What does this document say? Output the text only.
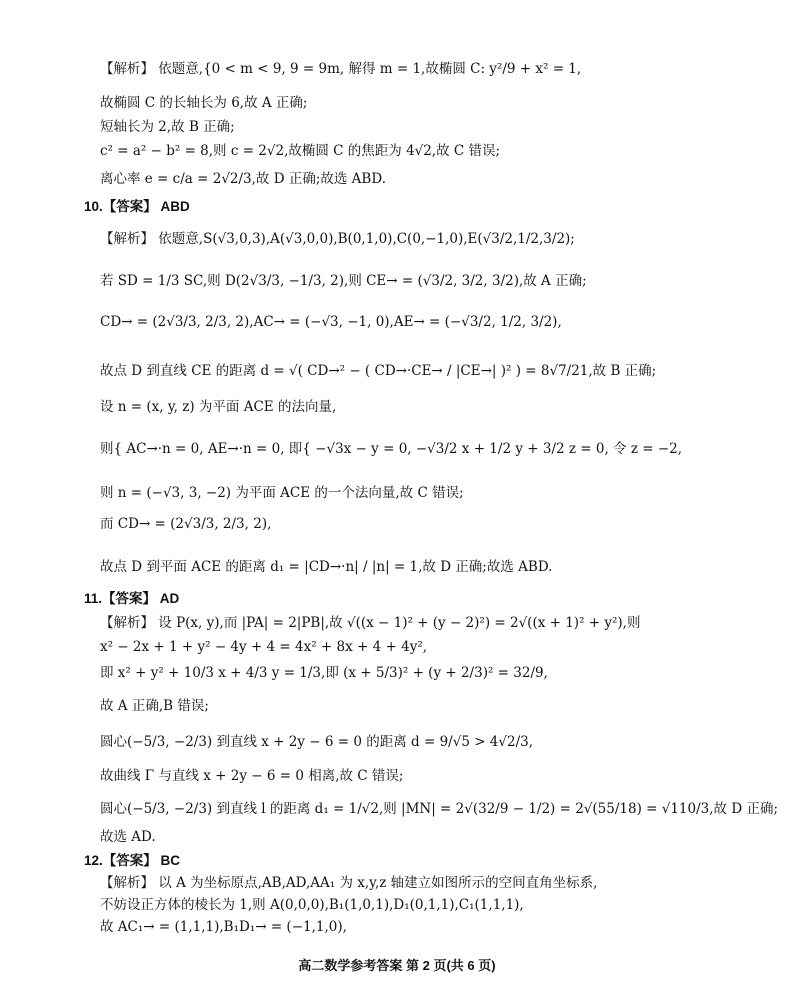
【解析】 依题意,{0 < m < 9, 9 = 9m, 解得 m = 1,故椭圆 C: y²/9 + x² = 1,
故椭圆 C 的长轴长为 6,故 A 正确;
短轴长为 2,故 B 正确;
c² = a² − b² = 8,则 c = 2√2,故椭圆 C 的焦距为 4√2,故 C 错误;
离心率 e = c/a = 2√2/3,故 D 正确;故选 ABD.
10.【答案】 ABD
【解析】 依题意,S(√3,0,3),A(√3,0,0),B(0,1,0),C(0,−1,0),E(√3/2,1/2,3/2);
若 SD = 1/3 SC,则 D(2√3/3, −1/3, 2),则 CE→ = (√3/2, 3/2, 3/2),故 A 正确;
CD→ = (2√3/3, 2/3, 2),AC→ = (−√3, −1, 0),AE→ = (−√3/2, 1/2, 3/2),
故点 D 到直线 CE 的距离 d = √( CD→² − ( CD→·CE→ / |CE→| )² ) = 8√7/21,故 B 正确;
设 n = (x, y, z) 为平面 ACE 的法向量,
则{ AC→·n = 0, AE→·n = 0, 即{ −√3x − y = 0, −√3/2 x + 1/2 y + 3/2 z = 0, 令 z = −2,
则 n = (−√3, 3, −2) 为平面 ACE 的一个法向量,故 C 错误;
而 CD→ = (2√3/3, 2/3, 2),
故点 D 到平面 ACE 的距离 d₁ = |CD→·n| / |n| = 1,故 D 正确;故选 ABD.
11.【答案】 AD
【解析】 设 P(x, y),而 |PA| = 2|PB|,故 √((x − 1)² + (y − 2)²) = 2√((x + 1)² + y²),则
x² − 2x + 1 + y² − 4y + 4 = 4x² + 8x + 4 + 4y²,
即 x² + y² + 10/3 x + 4/3 y = 1/3,即 (x + 5/3)² + (y + 2/3)² = 32/9,
故 A 正确,B 错误;
圆心(−5/3, −2/3) 到直线 x + 2y − 6 = 0 的距离 d = 9/√5 > 4√2/3,
故曲线 Γ 与直线 x + 2y − 6 = 0 相离,故 C 错误;
圆心(−5/3, −2/3) 到直线 l 的距离 d₁ = 1/√2,则 |MN| = 2√(32/9 − 1/2) = 2√(55/18) = √110/3,故 D 正确;
故选 AD.
12.【答案】 BC
【解析】 以 A 为坐标原点,AB,AD,AA₁ 为 x,y,z 轴建立如图所示的空间直角坐标系,
不妨设正方体的棱长为 1,则 A(0,0,0),B₁(1,0,1),D₁(0,1,1),C₁(1,1,1),
故 AC₁→ = (1,1,1),B₁D₁→ = (−1,1,0),
高二数学参考答案 第 2 页(共 6 页)
